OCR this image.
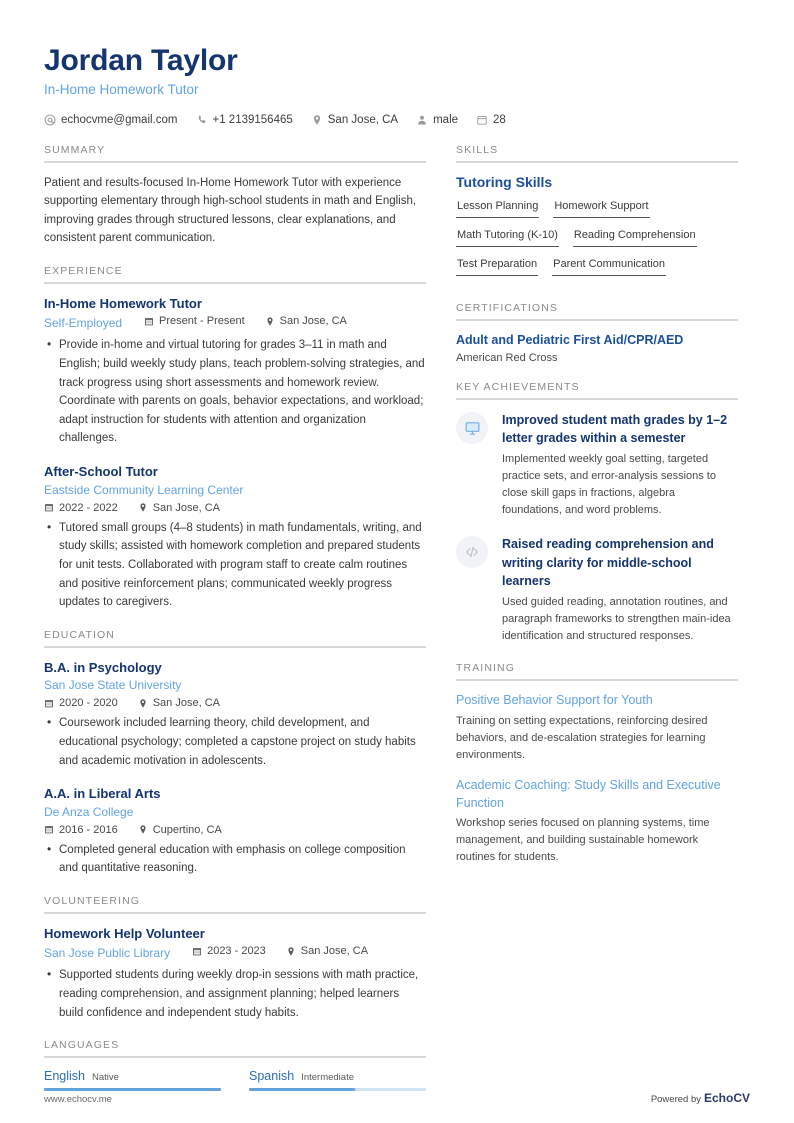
Jordan Taylor
In-Home Homework Tutor
echocvme@gmail.com	+1 2139156465	San Jose, CA	male	28
SUMMARY
Patient and results-focused In-Home Homework Tutor with experience supporting elementary through high-school students in math and English, improving grades through structured lessons, clear explanations, and consistent parent communication.
EXPERIENCE
In-Home Homework Tutor
Self-Employed	Present - Present	San Jose, CA
• Provide in-home and virtual tutoring for grades 3–11 in math and English; build weekly study plans, teach problem-solving strategies, and track progress using short assessments and homework review. Coordinate with parents on goals, behavior expectations, and workload; adapt instruction for students with attention and organization challenges.
After-School Tutor
Eastside Community Learning Center
2022 - 2022	San Jose, CA
• Tutored small groups (4–8 students) in math fundamentals, writing, and study skills; assisted with homework completion and prepared students for unit tests. Collaborated with program staff to create calm routines and positive reinforcement plans; communicated weekly progress updates to caregivers.
EDUCATION
B.A. in Psychology
San Jose State University
2020 - 2020	San Jose, CA
• Coursework included learning theory, child development, and educational psychology; completed a capstone project on study habits and academic motivation in adolescents.
A.A. in Liberal Arts
De Anza College
2016 - 2016	Cupertino, CA
• Completed general education with emphasis on college composition and quantitative reasoning.
VOLUNTEERING
Homework Help Volunteer
San Jose Public Library	2023 - 2023	San Jose, CA
• Supported students during weekly drop-in sessions with math practice, reading comprehension, and assignment planning; helped learners build confidence and independent study habits.
LANGUAGES
English Native	Spanish Intermediate
SKILLS
Tutoring Skills
Lesson Planning Homework Support
Math Tutoring (K-10) Reading Comprehension
Test Preparation Parent Communication
CERTIFICATIONS
Adult and Pediatric First Aid/CPR/AED
American Red Cross
KEY ACHIEVEMENTS
Improved student math grades by 1–2 letter grades within a semester
Implemented weekly goal setting, targeted practice sets, and error-analysis sessions to close skill gaps in fractions, algebra foundations, and word problems.
Raised reading comprehension and writing clarity for middle-school learners
Used guided reading, annotation routines, and paragraph frameworks to strengthen main-idea identification and structured responses.
TRAINING
Positive Behavior Support for Youth
Training on setting expectations, reinforcing desired behaviors, and de-escalation strategies for learning environments.
Academic Coaching: Study Skills and Executive Function
Workshop series focused on planning systems, time management, and building sustainable homework routines for students.
www.echocv.me	Powered by EchoCV
